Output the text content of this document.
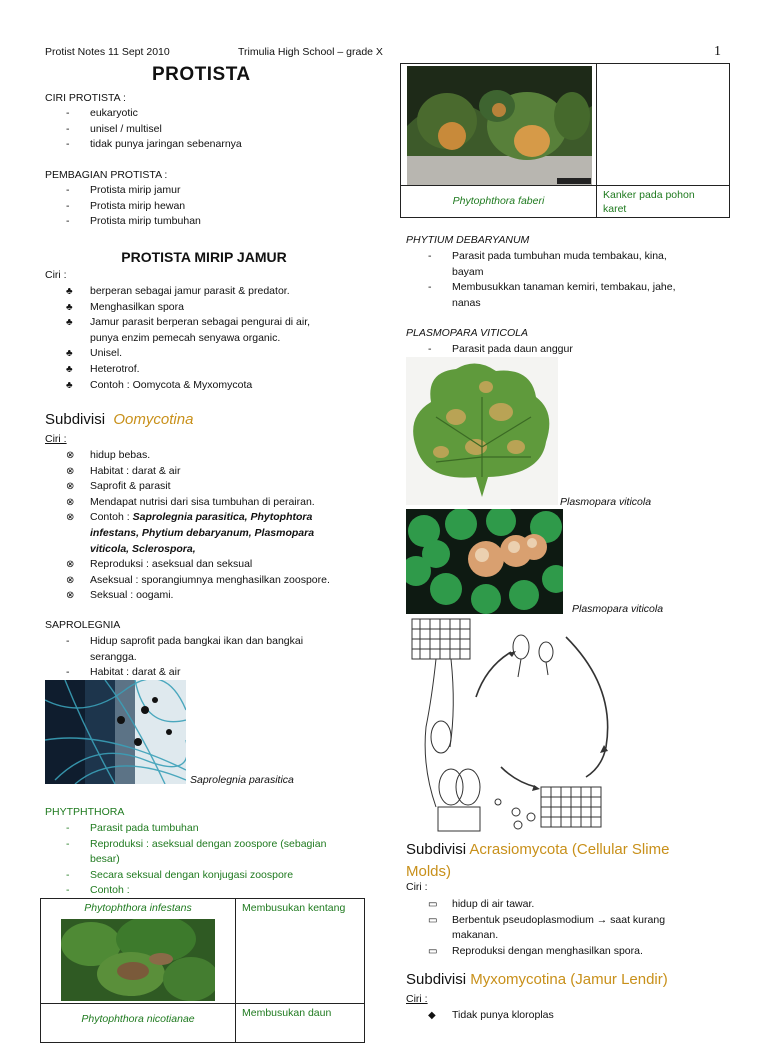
Protist Notes 11 Sept 2010	Trimulia High School – grade X	1
PROTISTA
CIRI PROTISTA :
- eukaryotic
- unisel / multisel
- tidak punya jaringan sebenarnya
PEMBAGIAN PROTISTA :
- Protista mirip jamur
- Protista mirip hewan
- Protista mirip tumbuhan
PROTISTA MIRIP JAMUR
Ciri :
♣ berperan sebagai jamur parasit & predator.
♣ Menghasilkan spora
♣ Jamur parasit berperan sebagai pengurai di air,
punya enzim pemecah senyawa organic.
♣ Unisel.
♣ Heterotrof.
♣ Contoh : Oomycota & Myxomycota
Subdivisi Oomycotina
Ciri :
⊗ hidup bebas.
⊗ Habitat : darat & air
⊗ Saprofit & parasit
⊗ Mendapat nutrisi dari sisa tumbuhan di perairan.
⊗ Contoh : Saprolegnia parasitica, Phytophtora
infestans, Phytium debaryanum, Plasmopara
viticola, Sclerospora,
⊗ Reproduksi : aseksual dan seksual
⊗ Aseksual : sporangiumnya menghasilkan zoospore.
⊗ Seksual : oogami.
SAPROLEGNIA
- Hidup saprofit pada bangkai ikan dan bangkai
serangga.
- Habitat : darat & air
Saprolegnia parasitica
PHYTPHTHORA
- Parasit pada tumbuhan
- Reproduksi : aseksual dengan zoospore (sebagian
besar)
- Secara seksual dengan konjugasi zoospore
- Contoh :
Phytophthora infestans	Membusukan kentang
Phytophthora nicotianae	Membusukan daun
Phytophthora faberi	Kanker pada pohon
karet
PHYTIUM DEBARYANUM
- Parasit pada tumbuhan muda tembakau, kina,
bayam
- Membusukkan tanaman kemiri, tembakau, jahe,
nanas
PLASMOPARA VITICOLA
- Parasit pada daun anggur
Plasmopara viticola
Plasmopara viticola
Subdivisi Acrasiomycota (Cellular Slime
Molds)
Ciri :
▭ hidup di air tawar.
▭ Berbentuk pseudoplasmodium → saat kurang
makanan.
▭ Reproduksi dengan menghasilkan spora.
Subdivisi Myxomycotina (Jamur Lendir)
Ciri :
◆ Tidak punya kloroplas
